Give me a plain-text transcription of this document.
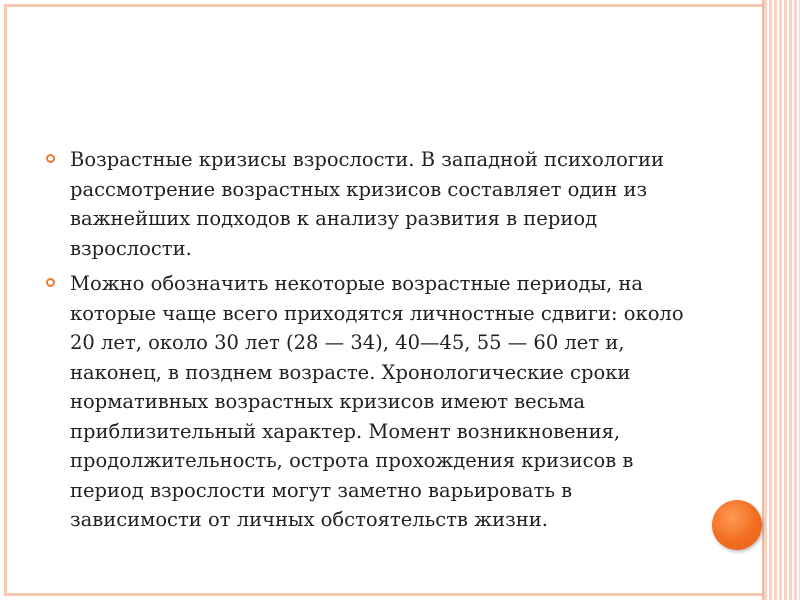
Возрастные кризисы взрослости. В западной психологии рассмотрение возрастных кризисов составляет один из важнейших подходов к анализу развития в период взрослости.
Можно обозначить некоторые возрастные периоды, на которые чаще всего приходятся личностные сдвиги: около 20 лет, около 30 лет (28 — 34), 40—45, 55 — 60 лет и, наконец, в позднем возрасте. Хронологические сроки нормативных возрастных кризисов имеют весьма приблизительный характер. Момент возникновения, продолжительность, острота прохождения кризисов в период взрослости могут заметно варьировать в зависимости от личных обстоятельств жизни.
